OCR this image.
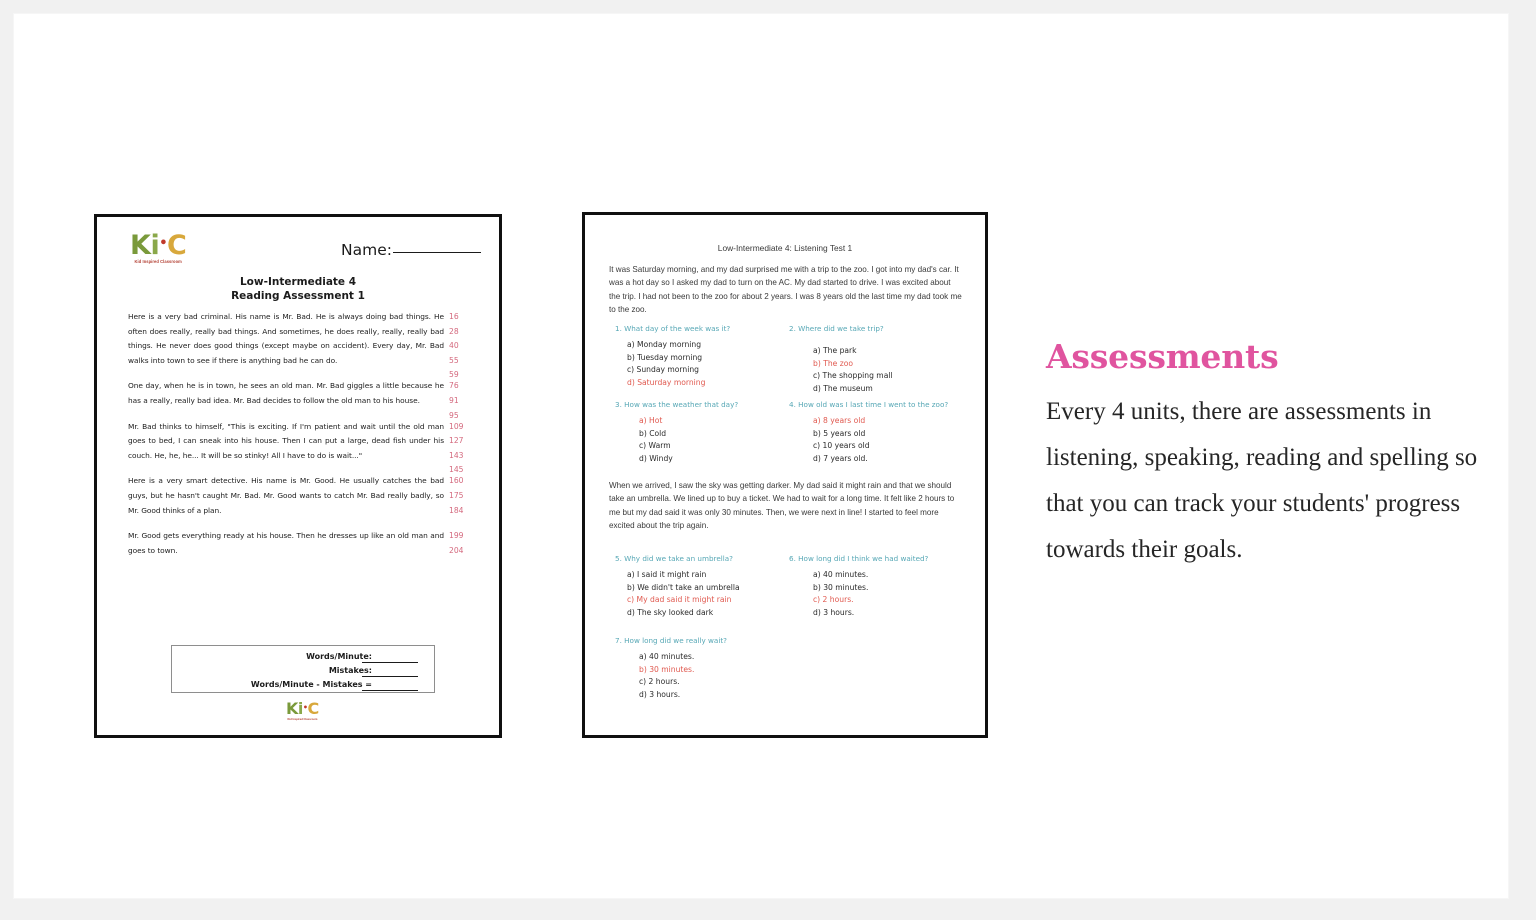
Ki•C
Kid Inspired Classroom
Name:
Low-Intermediate 4
Reading Assessment 1
Here is a very bad criminal. His name is Mr. Bad. He is always doing bad things. He often does really, really bad things. And sometimes, he does really, really, really bad things. He never does good things (except maybe on accident). Every day, Mr. Bad walks into town to see if there is anything bad he can do.
16
28
40
55
59
One day, when he is in town, he sees an old man. Mr. Bad giggles a little because he has a really, really bad idea. Mr. Bad decides to follow the old man to his house.
76
91
95
Mr. Bad thinks to himself, "This is exciting. If I'm patient and wait until the old man goes to bed, I can sneak into his house. Then I can put a large, dead fish under his couch. He, he, he... It will be so stinky! All I have to do is wait..."
109
127
143
145
Here is a very smart detective. His name is Mr. Good. He usually catches the bad guys, but he hasn't caught Mr. Bad. Mr. Good wants to catch Mr. Bad really badly, so Mr. Good thinks of a plan.
160
175
184
Mr. Good gets everything ready at his house. Then he dresses up like an old man and goes to town.
199
204
Words/Minute:
Mistakes:
Words/Minute - Mistakes =
Ki•C
Kid Inspired Classroom
Low-Intermediate 4: Listening Test 1
It was Saturday morning, and my dad surprised me with a trip to the zoo. I got into my dad's car. It was a hot day so I asked my dad to turn on the AC. My dad started to drive. I was excited about the trip. I had not been to the zoo for about 2 years. I was 8 years old the last time my dad took me to the zoo.
1. What day of the week was it?
a) Monday morning
b) Tuesday morning
c) Sunday morning
d) Saturday morning
2. Where did we take trip?
a) The park
b) The zoo
c) The shopping mall
d) The museum
3. How was the weather that day?
a) Hot
b) Cold
c) Warm
d) Windy
4. How old was I last time I went to the zoo?
a) 8 years old
b) 5 years old
c) 10 years old
d) 7 years old.
When we arrived, I saw the sky was getting darker. My dad said it might rain and that we should take an umbrella. We lined up to buy a ticket. We had to wait for a long time. It felt like 2 hours to me but my dad said it was only 30 minutes. Then, we were next in line! I started to feel more excited about the trip again.
5. Why did we take an umbrella?
a) I said it might rain
b) We didn't take an umbrella
c) My dad said it might rain
d) The sky looked dark
6. How long did I think we had waited?
a) 40 minutes.
b) 30 minutes.
c) 2 hours.
d) 3 hours.
7. How long did we really wait?
a) 40 minutes.
b) 30 minutes.
c) 2 hours.
d) 3 hours.
Assessments

Every 4 units, there are assessments in listening, speaking, reading and spelling so that you can track your students' progress towards their goals.
